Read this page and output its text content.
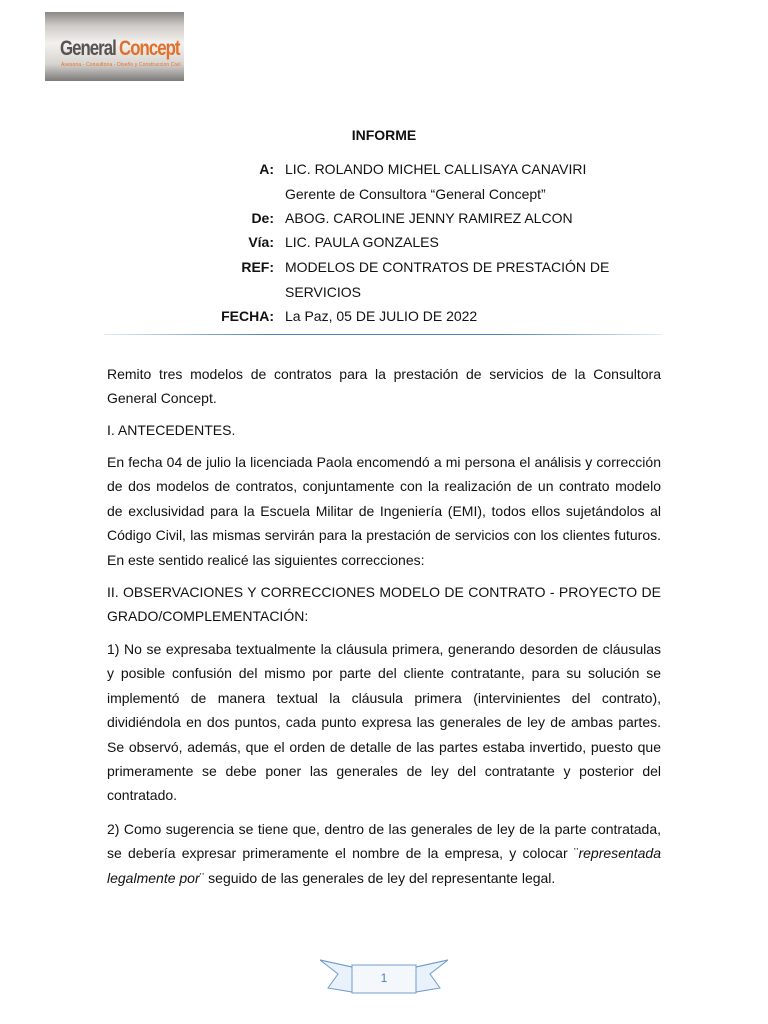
General Concept
Asesoria - Consultoria - Diseño y Construccion Civil
INFORME
A: LIC. ROLANDO MICHEL CALLISAYA CANAVIRI
Gerente de Consultora “General Concept”
De: ABOG. CAROLINE JENNY RAMIREZ ALCON
Vía: LIC. PAULA GONZALES
REF: MODELOS DE CONTRATOS DE PRESTACIÓN DE
SERVICIOS
FECHA: La Paz, 05 DE JULIO DE 2022

Remito tres modelos de contratos para la prestación de servicios de la Consultora General Concept.

I. ANTECEDENTES.

En fecha 04 de julio la licenciada Paola encomendó a mi persona el análisis y corrección de dos modelos de contratos, conjuntamente con la realización de un contrato modelo de exclusividad para la Escuela Militar de Ingeniería (EMI), todos ellos sujetándolos al Código Civil, las mismas servirán para la prestación de servicios con los clientes futuros. En este sentido realicé las siguientes correcciones:

II. OBSERVACIONES Y CORRECCIONES MODELO DE CONTRATO - PROYECTO DE GRADO/COMPLEMENTACIÓN:

1) No se expresaba textualmente la cláusula primera, generando desorden de cláusulas y posible confusión del mismo por parte del cliente contratante, para su solución se implementó de manera textual la cláusula primera (intervinientes del contrato), dividiéndola en dos puntos, cada punto expresa las generales de ley de ambas partes. Se observó, además, que el orden de detalle de las partes estaba invertido, puesto que primeramente se debe poner las generales de ley del contratante y posterior del contratado.

2) Como sugerencia se tiene que, dentro de las generales de ley de la parte contratada, se debería expresar primeramente el nombre de la empresa, y colocar ¨representada legalmente por¨ seguido de las generales de ley del representante legal.

1
